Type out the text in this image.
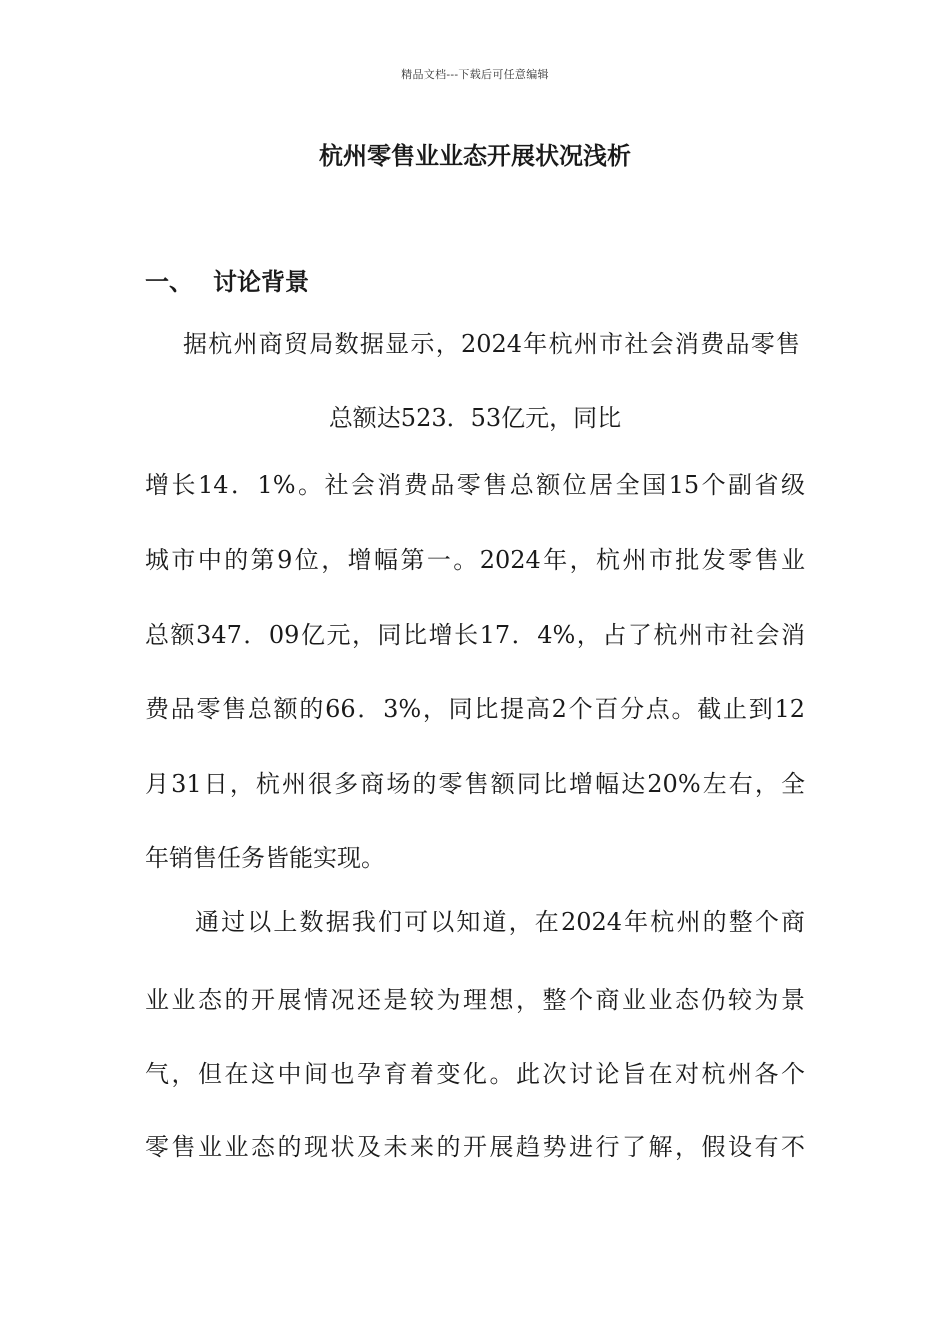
精品文档---下载后可任意编辑
杭州零售业业态开展状况浅析
一、 讨论背景
据杭州商贸局数据显示，2024年杭州市社会消费品零售
总额达523．53亿元，同比
增长14．1%。社会消费品零售总额位居全国15个副省级
城市中的第9位，增幅第一。2024年，杭州市批发零售业
总额347．09亿元，同比增长17．4%，占了杭州市社会消
费品零售总额的66．3%，同比提高2个百分点。截止到12
月31日，杭州很多商场的零售额同比增幅达20%左右，全
年销售任务皆能实现。
通过以上数据我们可以知道，在2024年杭州的整个商
业业态的开展情况还是较为理想，整个商业业态仍较为景
气，但在这中间也孕育着变化。此次讨论旨在对杭州各个
零售业业态的现状及未来的开展趋势进行了解，假设有不
